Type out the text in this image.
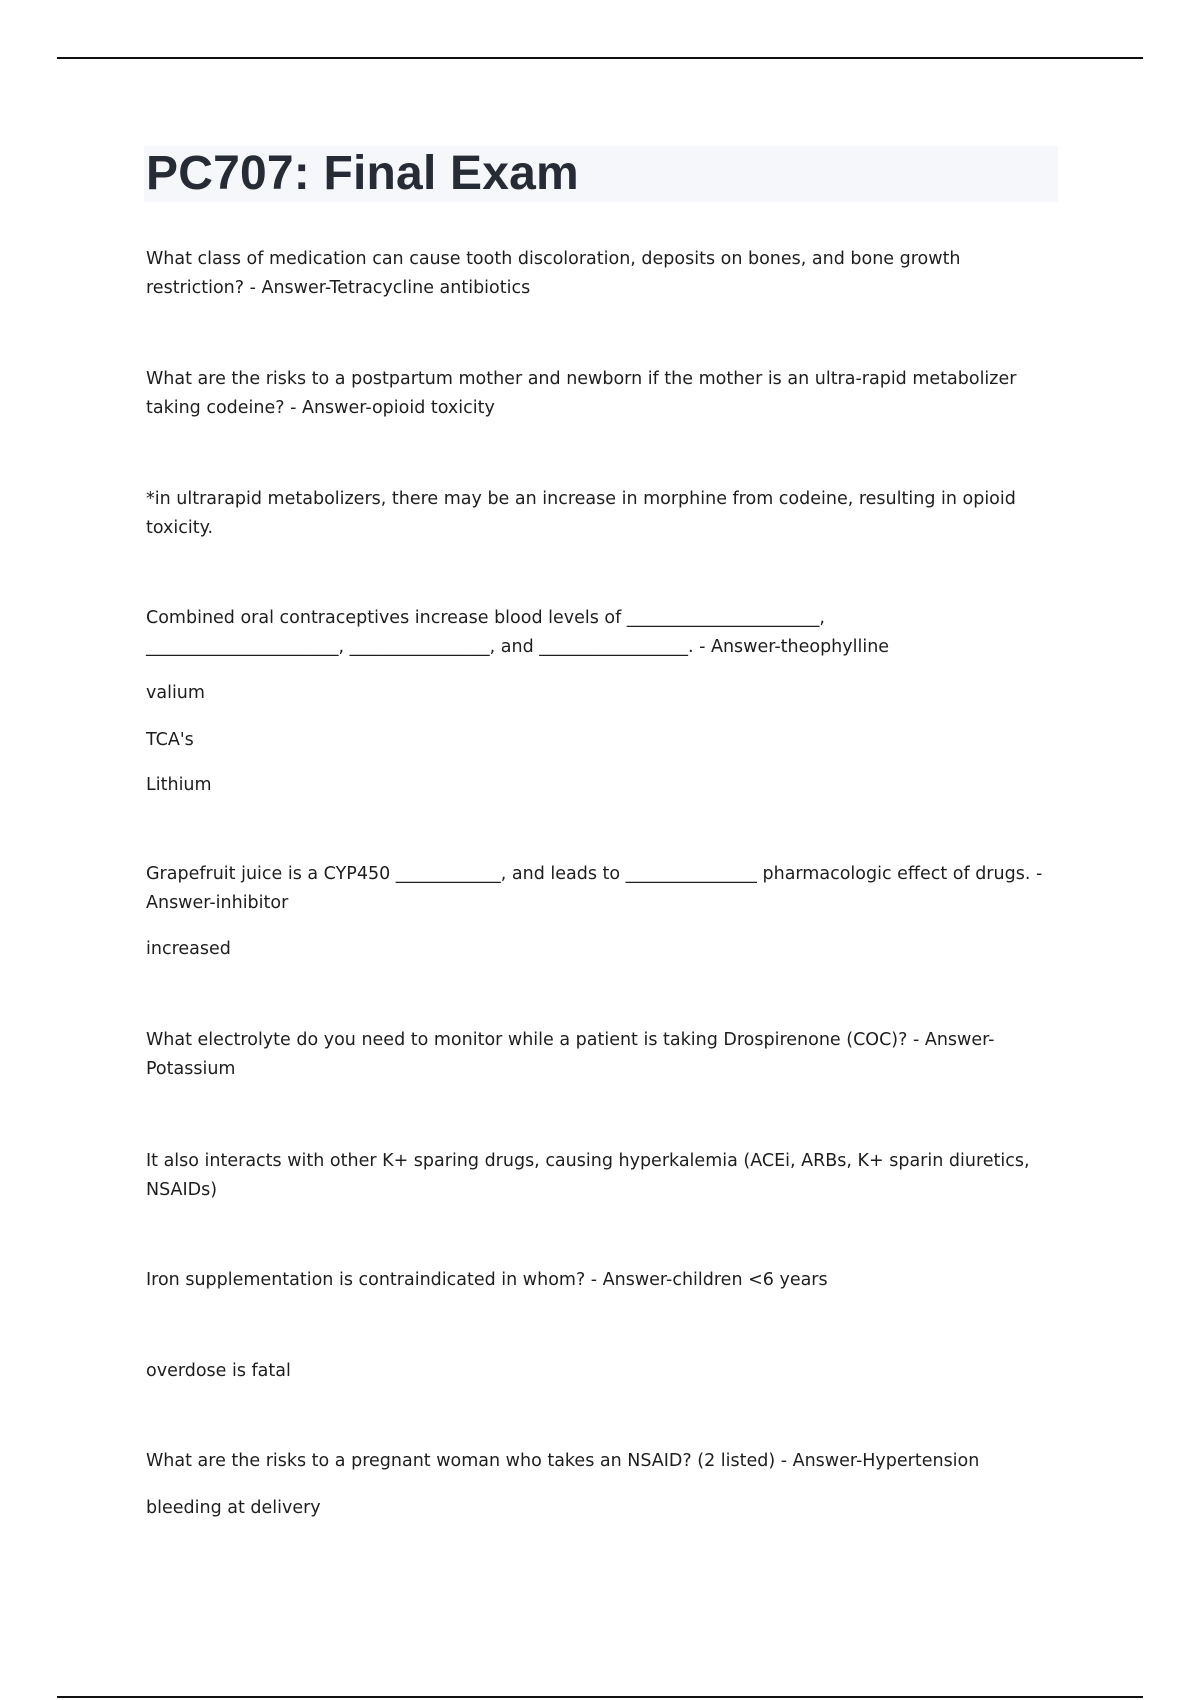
PC707: Final Exam

What class of medication can cause tooth discoloration, deposits on bones, and bone growth restriction? - Answer-Tetracycline antibiotics

What are the risks to a postpartum mother and newborn if the mother is an ultra-rapid metabolizer taking codeine? - Answer-opioid toxicity

*in ultrarapid metabolizers, there may be an increase in morphine from codeine, resulting in opioid toxicity.

Combined oral contraceptives increase blood levels of ______________________,

______________________, ________________, and _________________. - Answer-theophylline

valium

TCA's

Lithium

Grapefruit juice is a CYP450 ____________, and leads to _______________ pharmacologic effect of drugs. - Answer-inhibitor

increased

What electrolyte do you need to monitor while a patient is taking Drospirenone (COC)? - Answer-Potassium

It also interacts with other K+ sparing drugs, causing hyperkalemia (ACEi, ARBs, K+ sparin diuretics, NSAIDs)

Iron supplementation is contraindicated in whom? - Answer-children <6 years

overdose is fatal

What are the risks to a pregnant woman who takes an NSAID? (2 listed) - Answer-Hypertension

bleeding at delivery
